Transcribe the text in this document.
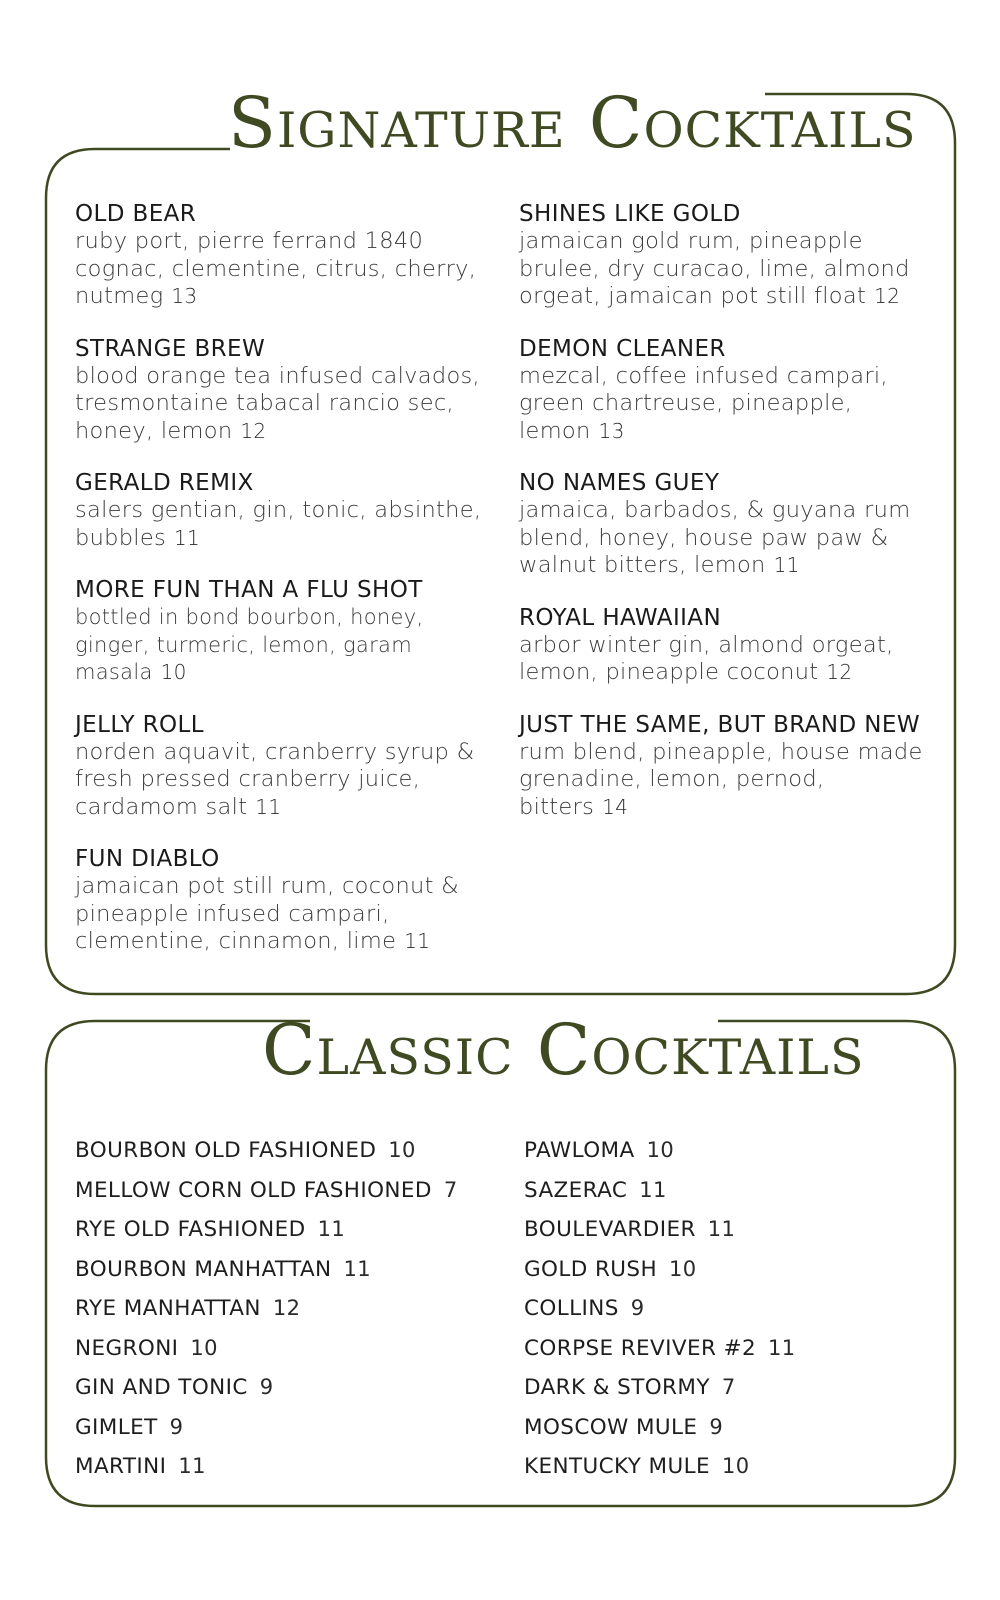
Signature Cocktails
OLD BEAR
ruby port, pierre ferrand 1840 cognac, clementine, citrus, cherry, nutmeg 13
STRANGE BREW
blood orange tea infused calvados, tresmontaine tabacal rancio sec, honey, lemon 12
GERALD REMIX
salers gentian, gin, tonic, absinthe, bubbles 11
MORE FUN THAN A FLU SHOT
bottled in bond bourbon, honey, ginger, turmeric, lemon, garam masala 10
JELLY ROLL
norden aquavit, cranberry syrup & fresh pressed cranberry juice, cardamom salt 11
FUN DIABLO
jamaican pot still rum, coconut & pineapple infused campari, clementine, cinnamon, lime 11
SHINES LIKE GOLD
jamaican gold rum, pineapple brulee, dry curacao, lime, almond orgeat, jamaican pot still float 12
DEMON CLEANER
mezcal, coffee infused campari, green chartreuse, pineapple, lemon 13
NO NAMES GUEY
jamaica, barbados, & guyana rum blend, honey, house paw paw & walnut bitters, lemon 11
ROYAL HAWAIIAN
arbor winter gin, almond orgeat, lemon, pineapple coconut 12
JUST THE SAME, BUT BRAND NEW
rum blend, pineapple, house made grenadine, lemon, pernod, bitters 14
Classic Cocktails
BOURBON OLD FASHIONED 10
MELLOW CORN OLD FASHIONED 7
RYE OLD FASHIONED 11
BOURBON MANHATTAN 11
RYE MANHATTAN 12
NEGRONI 10
GIN AND TONIC 9
GIMLET 9
MARTINI 11
PAWLOMA 10
SAZERAC 11
BOULEVARDIER 11
GOLD RUSH 10
COLLINS 9
CORPSE REVIVER #2 11
DARK & STORMY 7
MOSCOW MULE 9
KENTUCKY MULE 10
